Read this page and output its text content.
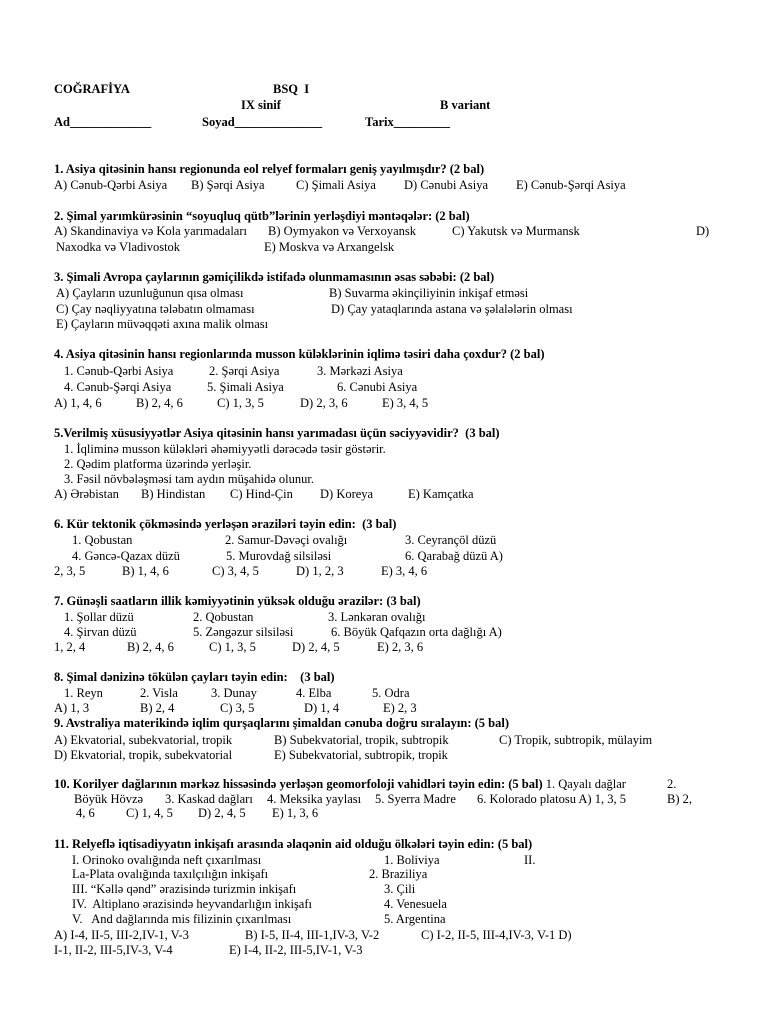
COĞRAFİYA	BSQ  I
IX sinif	B variant
Ad_____________	Soyad______________	Tarix_________
1. Asiya qitəsinin hansı regionunda eol relyef formaları geniş yayılmışdır? (2 bal)
A) Cənub-Qərbi Asiya B) Şərqi Asiya	C) Şimali Asiya D) Cənubi Asiya E) Cənub-Şərqi Asiya
2. Şimal yarımkürəsinin “soyuqluq qütb”lərinin yerləşdiyi məntəqələr: (2 bal)
A) Skandinaviya və Kola yarımadaları B) Oymyakon və Verxoyansk	C) Yakutsk və Murmansk	D)
Naxodka və Vladivostok	E) Moskva və Arxangelsk
3. Şimali Avropa çaylarının gəmiçilikdə istifadə olunmamasının əsas səbəbi: (2 bal)
A) Çayların uzunluğunun qısa olması	B) Suvarma əkinçiliyinin inkişaf etməsi
C) Çay nəqliyyatına tələbatın olmaması	D) Çay yataqlarında astana və şəlalələrin olması
E) Çayların müvəqqəti axına malik olması
4. Asiya qitəsinin hansı regionlarında musson küləklərinin iqlimə təsiri daha çoxdur? (2 bal)
1. Cənub-Qərbi Asiya	2. Şərqi Asiya	3. Mərkəzi Asiya
4. Cənub-Şərqi Asiya	5. Şimali Asiya	6. Cənubi Asiya
A) 1, 4, 6	B) 2, 4, 6	C) 1, 3, 5	D) 2, 3, 6	E) 3, 4, 5
5.Verilmiş xüsusiyyətlər Asiya qitəsinin hansı yarımadası üçün səciyyəvidir?  (3 bal)
1. İqliminə musson küləkləri əhəmiyyətli dərəcədə təsir göstərir.
2. Qədim platforma üzərində yerləşir.
3. Fəsil növbələşməsi tam aydın müşahidə olunur.
A) Ərəbistan B) Hindistan C) Hind-Çin D) Koreya	E) Kamçatka
6. Kür tektonik çökməsində yerləşən əraziləri təyin edin:  (3 bal)
1. Qobustan	2. Samur-Dəvəçi ovalığı	3. Ceyrançöl düzü
4. Gəncə-Qazax düzü	5. Murovdağ silsiləsi	6. Qarabağ düzü A)
2, 3, 5	B) 1, 4, 6	C) 3, 4, 5	D) 1, 2, 3	E) 3, 4, 6
7. Günəşli saatların illik kəmiyyətinin yüksək olduğu ərazilər: (3 bal)
1. Şollar düzü	2. Qobustan	3. Lənkəran ovalığı
4. Şirvan düzü	5. Zəngəzur silsiləsi	6. Böyük Qafqazın orta dağlığı A)
1, 2, 4	B) 2, 4, 6	C) 1, 3, 5	D) 2, 4, 5	E) 2, 3, 6
8. Şimal dənizinə tökülən çayları təyin edin:    (3 bal)
1. Reyn	2. Visla	3. Dunay	4. Elba	5. Odra
A) 1, 3	B) 2, 4	C) 3, 5	D) 1, 4	E) 2, 3
9. Avstraliya materikində iqlim qurşaqlarını şimaldan cənuba doğru sıralayın: (5 bal)
A) Ekvatorial, subekvatorial, tropik	B) Subekvatorial, tropik, subtropik	C) Tropik, subtropik, mülayim
D) Ekvatorial, tropik, subekvatorial	E) Subekvatorial, subtropik, tropik
10. Korilyer dağlarının mərkəz hissəsində yerləşən geomorfoloji vahidləri təyin edin: (5 bal) 1. Qayalı dağlar	2.
Böyük Hövzə 3. Kaskad dağları 4. Meksika yaylası 5. Syerra Madre 6. Kolorado platosu A) 1, 3, 5	B) 2,
4, 6	C) 1, 4, 5 D) 2, 4, 5 E) 1, 3, 6
11. Relyeflə iqtisadiyyatın inkişafı arasında əlaqənin aid olduğu ölkələri təyin edin: (5 bal)
I. Orinoko ovalığında neft çıxarılması	1. Boliviya	II.
La-Plata ovalığında taxılçılığın inkişafı	2. Braziliya
III. “Kəllə qənd” ərazisində turizmin inkişafı	3. Çili
IV.  Altiplano ərazisində heyvandarlığın inkişafı	4. Venesuela
V.   And dağlarında mis filizinin çıxarılması	5. Argentina
A) I-4, II-5, III-2,IV-1, V-3	B) I-5, II-4, III-1,IV-3, V-2	C) I-2, II-5, III-4,IV-3, V-1 D)
I-1, II-2, III-5,IV-3, V-4	E) I-4, II-2, III-5,IV-1, V-3
